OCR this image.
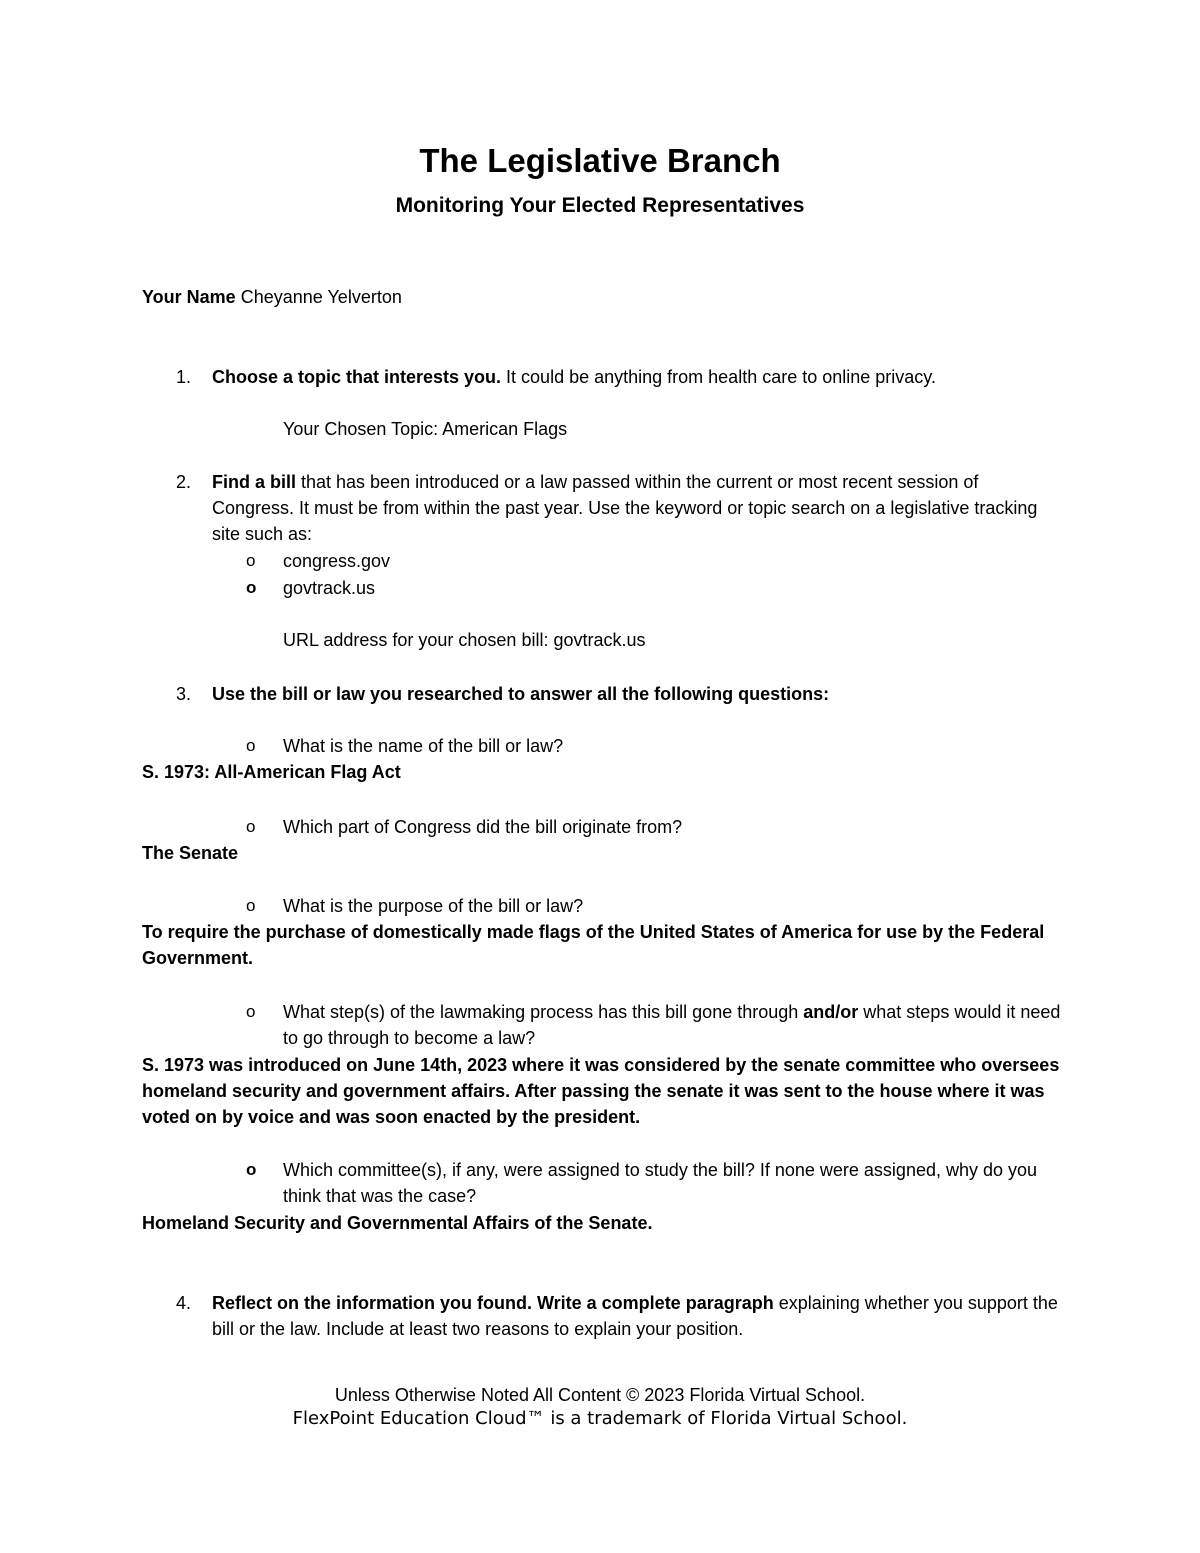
The Legislative Branch
Monitoring Your Elected Representatives
Your Name Cheyanne Yelverton
1. Choose a topic that interests you. It could be anything from health care to online privacy.
Your Chosen Topic: American Flags
2. Find a bill that has been introduced or a law passed within the current or most recent session of Congress. It must be from within the past year. Use the keyword or topic search on a legislative tracking site such as:
o congress.gov
o govtrack.us
URL address for your chosen bill: govtrack.us
3. Use the bill or law you researched to answer all the following questions:
o What is the name of the bill or law?
S. 1973: All-American Flag Act
o Which part of Congress did the bill originate from?
The Senate
o What is the purpose of the bill or law?
To require the purchase of domestically made flags of the United States of America for use by the Federal Government.
o What step(s) of the lawmaking process has this bill gone through and/or what steps would it need to go through to become a law?
S. 1973 was introduced on June 14th, 2023 where it was considered by the senate committee who oversees homeland security and government affairs. After passing the senate it was sent to the house where it was voted on by voice and was soon enacted by the president.
o Which committee(s), if any, were assigned to study the bill? If none were assigned, why do you think that was the case?
Homeland Security and Governmental Affairs of the Senate.
4. Reflect on the information you found. Write a complete paragraph explaining whether you support the bill or the law. Include at least two reasons to explain your position.
Unless Otherwise Noted All Content © 2023 Florida Virtual School.
FlexPoint Education Cloud™ is a trademark of Florida Virtual School.
